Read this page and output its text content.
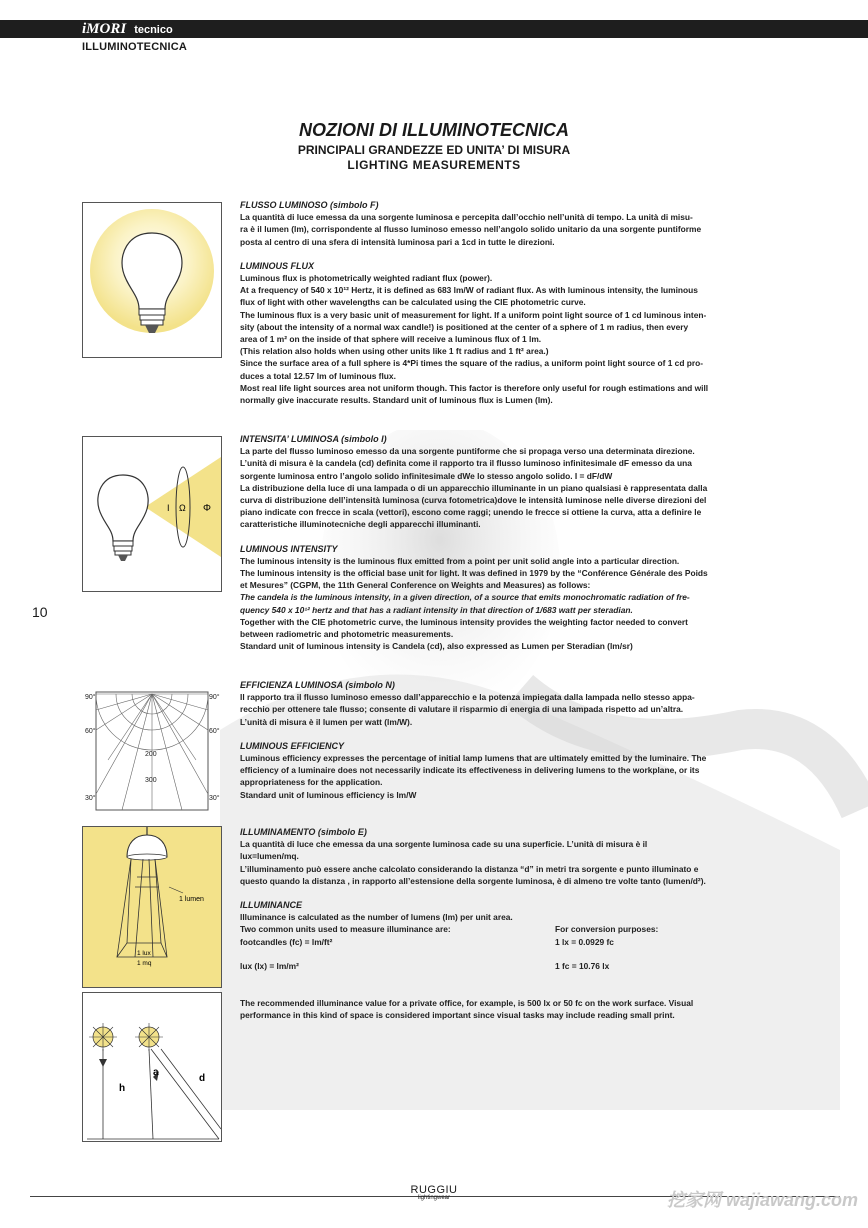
iMORI tecnico
ILLUMINOTECNICA
NOZIONI DI ILLUMINOTECNICA
PRINCIPALI GRANDEZZE ED UNITA’ DI MISURA
LIGHTING MEASUREMENTS
10
I Ω Φ
90°	90°
60°	60°
30°	30°
200
300
1 lumen
1 lux
1 mq
h
a
d

FLUSSO LUMINOSO (simbolo F)

La quantità di luce emessa da una sorgente luminosa e percepita dall’occhio nell’unità di tempo. La unità di misu-

ra è il lumen (lm), corrispondente al flusso luminoso emesso nell’angolo solido unitario da una sorgente puntiforme

posta al centro di una sfera di intensità luminosa pari a 1cd in tutte le direzioni.

LUMINOUS FLUX

Luminous flux is photometrically weighted radiant flux (power).

At a frequency of 540 x 10¹² Hertz, it is defined as 683 lm/W of radiant flux. As with luminous intensity, the luminous

flux of light with other wavelengths can be calculated using the CIE photometric curve.

The luminous flux is a very basic unit of measurement for light. If a uniform point light source of 1 cd luminous inten-

sity (about the intensity of a normal wax candle!) is positioned at the center of a sphere of 1 m radius, then every

area of 1 m² on the inside of that sphere will receive a luminous flux of 1 lm.

(This relation also holds when using other units like 1 ft radius and 1 ft² area.)

Since the surface area of a full sphere is 4*Pi times the square of the radius, a uniform point light source of 1 cd pro-

duces a total 12.57 lm of luminous flux.

Most real life light sources area not uniform though. This factor is therefore only useful for rough estimations and will

normally give inaccurate results. Standard unit of luminous flux is Lumen (lm).

INTENSITA’ LUMINOSA (simbolo I)

La parte del flusso luminoso emesso da una sorgente puntiforme che si propaga verso una determinata direzione.

L’unità di misura è la candela (cd) definita come il rapporto tra il flusso luminoso infinitesimale dF emesso da una

sorgente luminosa entro l’angolo solido infinitesimale dWe lo stesso angolo solido. I = dF/dW

La distribuzione della luce di una lampada o di un apparecchio illuminante in un piano qualsiasi è rappresentata dalla

curva di distribuzione dell’intensità luminosa (curva fotometrica)dove le intensità luminose nelle diverse direzioni del

piano indicate con frecce in scala (vettori), escono come raggi; unendo le frecce si ottiene la curva, atta a definire le

caratteristiche illuminotecniche degli apparecchi illuminanti.

LUMINOUS INTENSITY

The luminous intensity is the luminous flux emitted from a point per unit solid angle into a particular direction.

The luminous intensity is the official base unit for light. It was defined in 1979 by the “Conférence Générale des Poids

et Mesures” (CGPM, the 11th General Conference on Weights and Measures) as follows:

The candela is the luminous intensity, in a given direction, of a source that emits monochromatic radiation of fre-

quency 540 x 10¹² hertz and that has a radiant intensity in that direction of 1/683 watt per steradian.

Together with the CIE photometric curve, the luminous intensity provides the weighting factor needed to convert

between radiometric and photometric measurements.

Standard unit of luminous intensity is Candela (cd), also expressed as Lumen per Steradian (lm/sr)

EFFICIENZA LUMINOSA (simbolo N)

Il rapporto tra il flusso luminoso emesso dall’apparecchio e la potenza impiegata dalla lampada nello stesso appa-

recchio per ottenere tale flusso; consente di valutare il risparmio di energia di una lampada rispetto ad un’altra.

L’unità di misura è il lumen per watt (lm/W).

LUMINOUS EFFICIENCY

Luminous efficiency expresses the percentage of initial lamp lumens that are ultimately emitted by the luminaire. The

efficiency of a luminaire does not necessarily indicate its effectiveness in delivering lumens to the workplane, or its

appropriateness for the application.

Standard unit of luminous efficiency is lm/W

ILLUMINAMENTO (simbolo E)

La quantità di luce che emessa da una sorgente luminosa cade su una superficie. L’unità di misura è il

lux=lumen/mq.

L’illuminamento può essere anche calcolato considerando la distanza “d” in metri tra sorgente e punto illuminato e

questo quando la distanza , in rapporto all’estensione della sorgente luminosa, è di almeno tre volte tanto (lumen/d²).

ILLUMINANCE

Illuminance is calculated as the number of lumens (lm) per unit area.

Two common units used to measure illuminance are:	For conversion purposes:
footcandles (fc) = lm/ft²	1 lx = 0.0929 fc
lux (lx) = lm/m²	1 fc = 10.76 lx

The recommended illuminance value for a private office, for example, is 500 lx or 50 fc on the work surface. Visual

performance in this kind of space is considered important since visual tasks may include reading small print.

RUGGIU
lightingwear	挖家网 wajiawang.com
